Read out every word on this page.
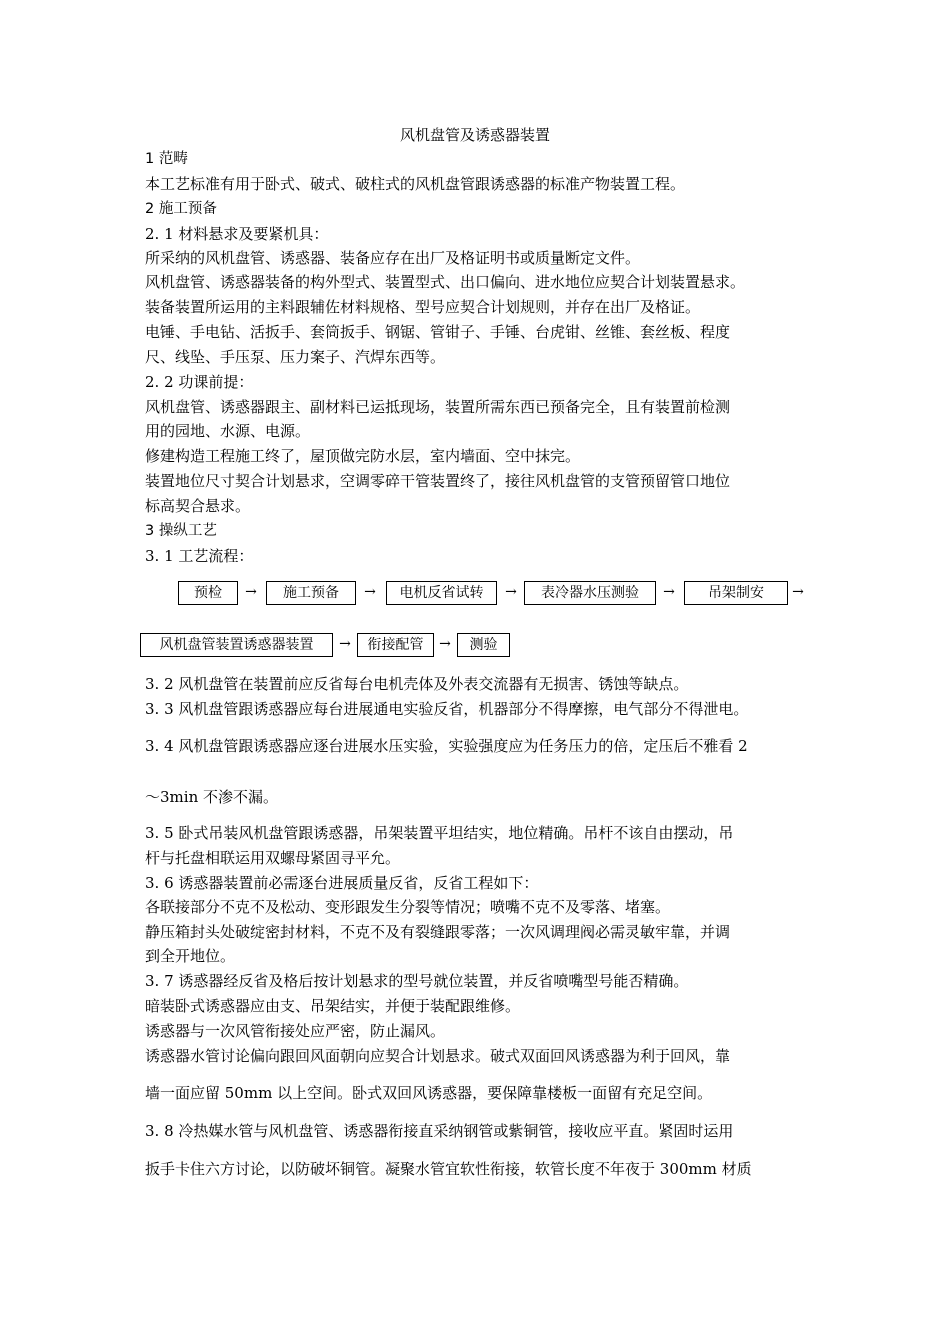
风机盘管及诱惑器装置
1 范畴
本工艺标准有用于卧式、破式、破柱式的风机盘管跟诱惑器的标准产物装置工程。
2 施工预备
2. 1 材料悬求及要紧机具：
所采纳的风机盘管、诱惑器、装备应存在出厂及格证明书或质量断定文件。
风机盘管、诱惑器装备的构外型式、装置型式、出口偏向、进水地位应契合计划装置悬求。
装备装置所运用的主料跟辅佐材料规格、型号应契合计划规则，并存在出厂及格证。
电锤、手电钻、活扳手、套筒扳手、钢锯、管钳子、手锤、台虎钳、丝锥、套丝板、程度
尺、线坠、手压泵、压力案子、汽焊东西等。
2. 2 功课前提：
风机盘管、诱惑器跟主、副材料已运抵现场，装置所需东西已预备完全，且有装置前检测
用的园地、水源、电源。
修建构造工程施工终了，屋顶做完防水层，室内墙面、空中抹完。
装置地位尺寸契合计划悬求，空调零碎干管装置终了，接往风机盘管的支管预留管口地位
标高契合悬求。
3 操纵工艺
3. 1 工艺流程：
预检	→	施工预备	→	电机反省试转	→	表冷器水压测验	→	吊架制安	→
风机盘管装置诱惑器装置	→	衔接配管	→	测验
3. 2 风机盘管在装置前应反省每台电机壳体及外表交流器有无损害、锈蚀等缺点。
3. 3 风机盘管跟诱惑器应每台进展通电实验反省，机器部分不得摩擦，电气部分不得泄电。
3. 4 风机盘管跟诱惑器应逐台进展水压实验，实验强度应为任务压力的倍，定压后不雅看 2
～3min 不渗不漏。
3. 5 卧式吊装风机盘管跟诱惑器，吊架装置平坦结实，地位精确。吊杆不该自由摆动，吊
杆与托盘相联运用双螺母紧固寻平允。
3. 6 诱惑器装置前必需逐台进展质量反省，反省工程如下：
各联接部分不克不及松动、变形跟发生分裂等情况；喷嘴不克不及零落、堵塞。
静压箱封头处破绽密封材料，不克不及有裂缝跟零落；一次风调理阀必需灵敏牢靠，并调
到全开地位。
3. 7 诱惑器经反省及格后按计划悬求的型号就位装置，并反省喷嘴型号能否精确。
暗装卧式诱惑器应由支、吊架结实，并便于装配跟维修。
诱惑器与一次风管衔接处应严密，防止漏风。
诱惑器水管讨论偏向跟回风面朝向应契合计划悬求。破式双面回风诱惑器为利于回风，靠
墙一面应留 50mm 以上空间。卧式双回风诱惑器，要保障靠楼板一面留有充足空间。
3. 8 冷热媒水管与风机盘管、诱惑器衔接直采纳钢管或紫铜管，接收应平直。紧固时运用
扳手卡住六方讨论，以防破坏铜管。凝聚水管宜软性衔接，软管长度不年夜于 300mm 材质
